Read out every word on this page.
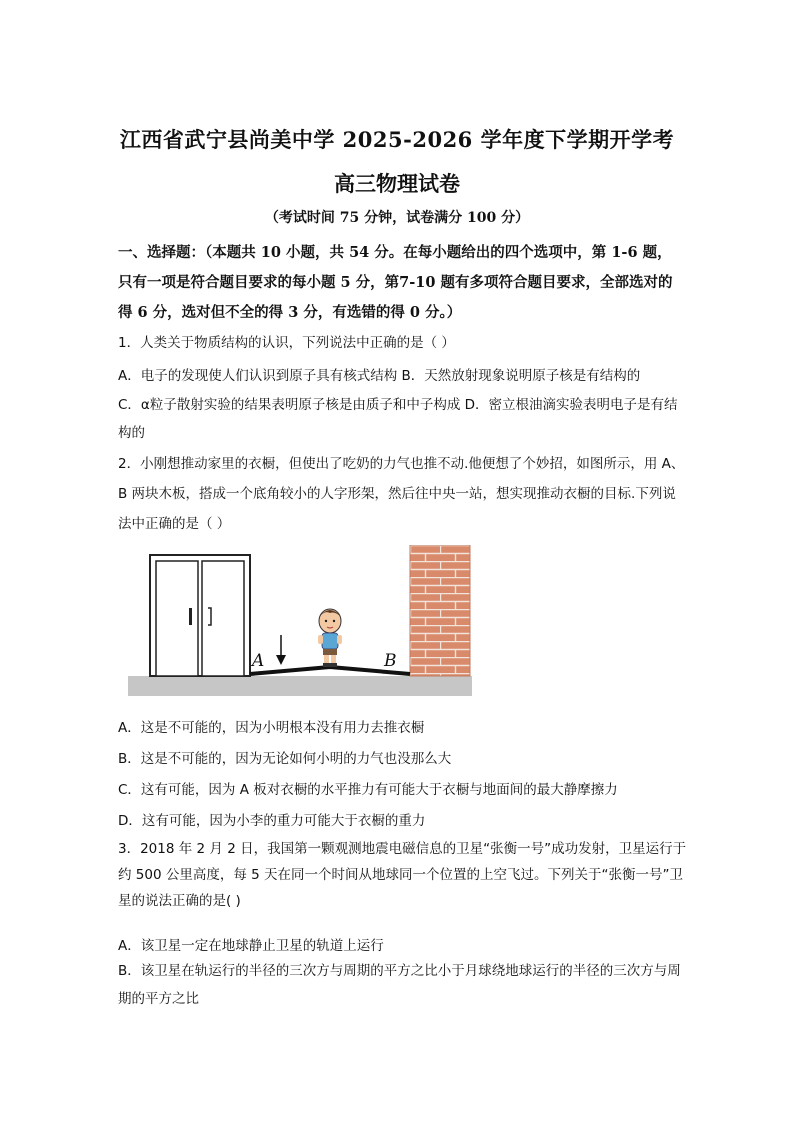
江西省武宁县尚美中学 2025-2026 学年度下学期开学考
高三物理试卷
（考试时间 75 分钟，试卷满分 100 分）
一、选择题：（本题共 10 小题，共 54 分。在每小题给出的四个选项中，第 1-6 题，只有一项是符合题目要求的每小题 5 分，第7-10 题有多项符合题目要求，全部选对的得 6 分，选对但不全的得 3 分，有选错的得 0 分。）
1．人类关于物质结构的认识，下列说法中正确的是（ ）
A．电子的发现使人们认识到原子具有核式结构 B．天然放射现象说明原子核是有结构的
C．α粒子散射实验的结果表明原子核是由质子和中子构成 D．密立根油滴实验表明电子是有结构的
2．小刚想推动家里的衣橱，但使出了吃奶的力气也推不动.他便想了个妙招，如图所示，用 A、B 两块木板，搭成一个底角较小的人字形架，然后往中央一站，想实现推动衣橱的目标.下列说法中正确的是（ ）
A	B
A．这是不可能的，因为小明根本没有用力去推衣橱
B．这是不可能的，因为无论如何小明的力气也没那么大
C．这有可能，因为 A 板对衣橱的水平推力有可能大于衣橱与地面间的最大静摩擦力
D．这有可能，因为小李的重力可能大于衣橱的重力
3．2018 年 2 月 2 日，我国第一颗观测地震电磁信息的卫星“张衡一号”成功发射，卫星运行于约 500 公里高度，每 5 天在同一个时间从地球同一个位置的上空飞过。下列关于“张衡一号”卫星的说法正确的是( )
A．该卫星一定在地球静止卫星的轨道上运行
B．该卫星在轨运行的半径的三次方与周期的平方之比小于月球绕地球运行的半径的三次方与周期的平方之比
